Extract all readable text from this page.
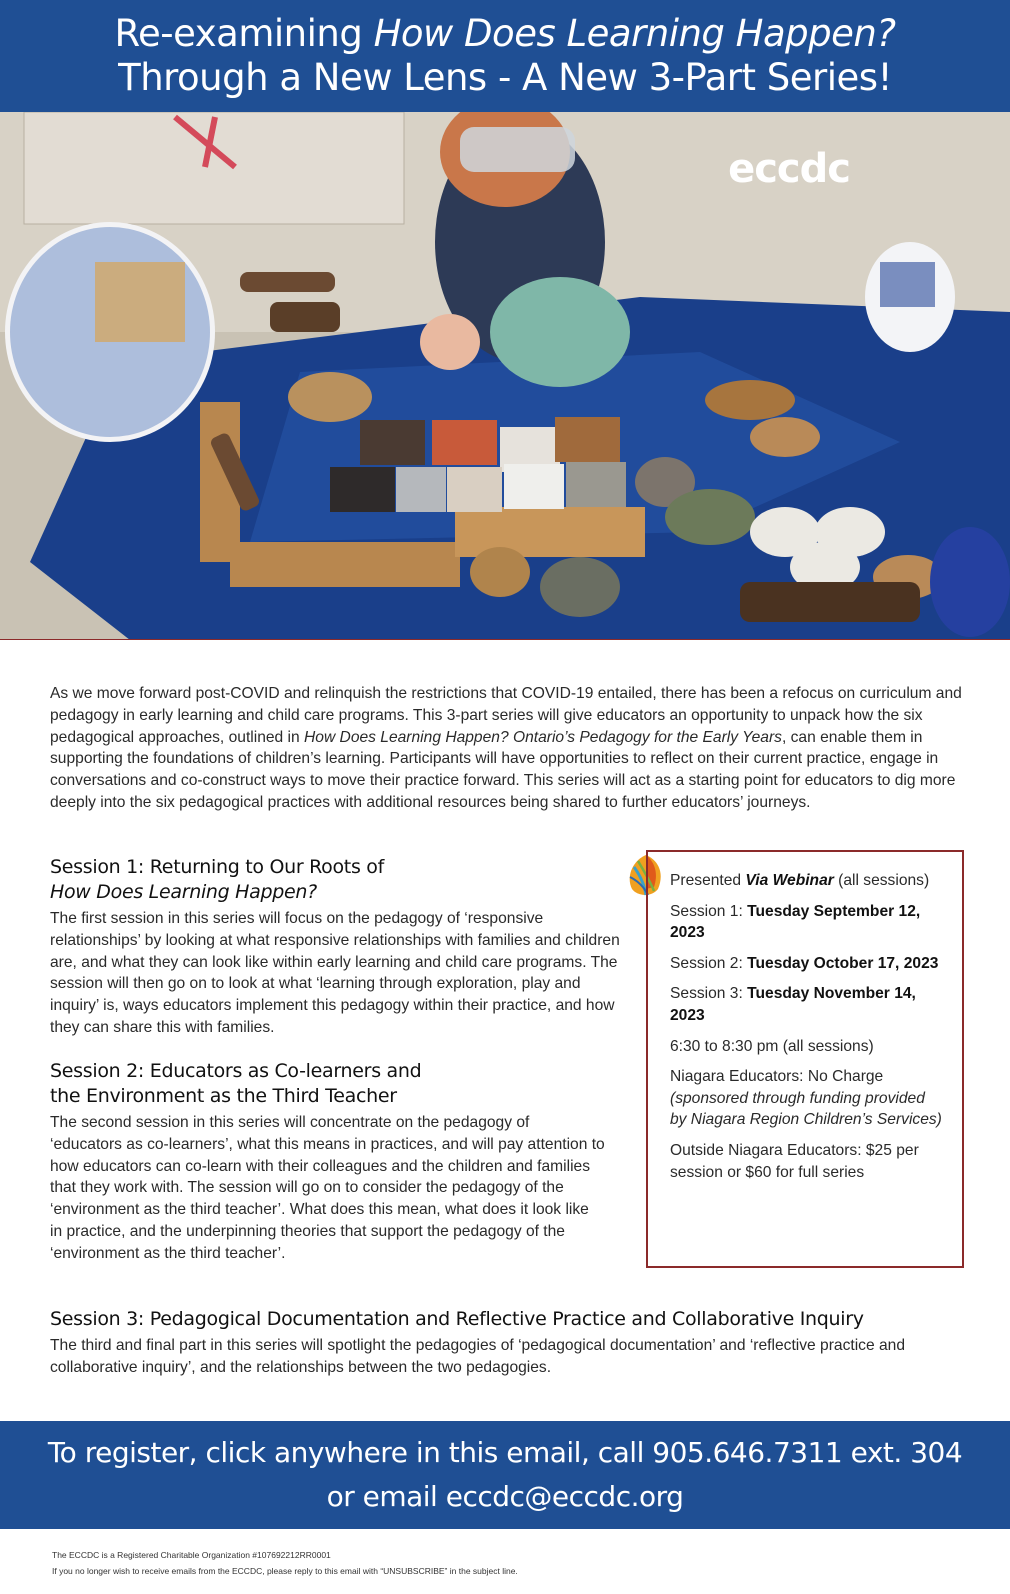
Re-examining How Does Learning Happen?
Through a New Lens - A New 3-Part Series!
eccdc
As we move forward post-COVID and relinquish the restrictions that COVID-19 entailed, there has been a refocus on curriculum and pedagogy in early learning and child care programs. This 3-part series will give educators an opportunity to unpack how the six pedagogical approaches, outlined in How Does Learning Happen? Ontario’s Pedagogy for the Early Years, can enable them in supporting the foundations of children’s learning. Participants will have opportunities to reflect on their current practice, engage in conversations and co-construct ways to move their practice forward. This series will act as a starting point for educators to dig more deeply into the six pedagogical practices with additional resources being shared to further educators’ journeys.
Session 1: Returning to Our Roots of
How Does Learning Happen?

The first session in this series will focus on the pedagogy of ‘responsive relationships’ by looking at what responsive relationships with families and children are, and what they can look like within early learning and child care programs. The session will then go on to look at what ‘learning through exploration, play and inquiry’ is, ways educators implement this pedagogy within their practice, and how they can share this with families.

Session 2: Educators as Co-learners and
the Environment as the Third Teacher

The second session in this series will concentrate on the pedagogy of ‘educators as co-learners’, what this means in practices, and will pay attention to how educators can co-learn with their colleagues and the children and families that they work with. The session will go on to consider the pedagogy of the ‘environment as the third teacher’. What does this mean, what does it look like in practice, and the underpinning theories that support the pedagogy of the ‘environment as the third teacher’.

Presented Via Webinar (all sessions)
Session 1: Tuesday September 12, 2023
Session 2: Tuesday October 17, 2023
Session 3: Tuesday November 14, 2023
6:30 to 8:30 pm (all sessions)
Niagara Educators: No Charge
(sponsored through funding provided by Niagara Region Children’s Services)
Outside Niagara Educators: $25 per session or $60 for full series
Session 3: Pedagogical Documentation and Reflective Practice and Collaborative Inquiry

The third and final part in this series will spotlight the pedagogies of ‘pedagogical documentation’ and ‘reflective practice and collaborative inquiry’, and the relationships between the two pedagogies.

To register, click anywhere in this email, call 905.646.7311 ext. 304
or email eccdc@eccdc.org
The ECCDC is a Registered Charitable Organization #107692212RR0001
If you no longer wish to receive emails from the ECCDC, please reply to this email with “UNSUBSCRIBE” in the subject line.
